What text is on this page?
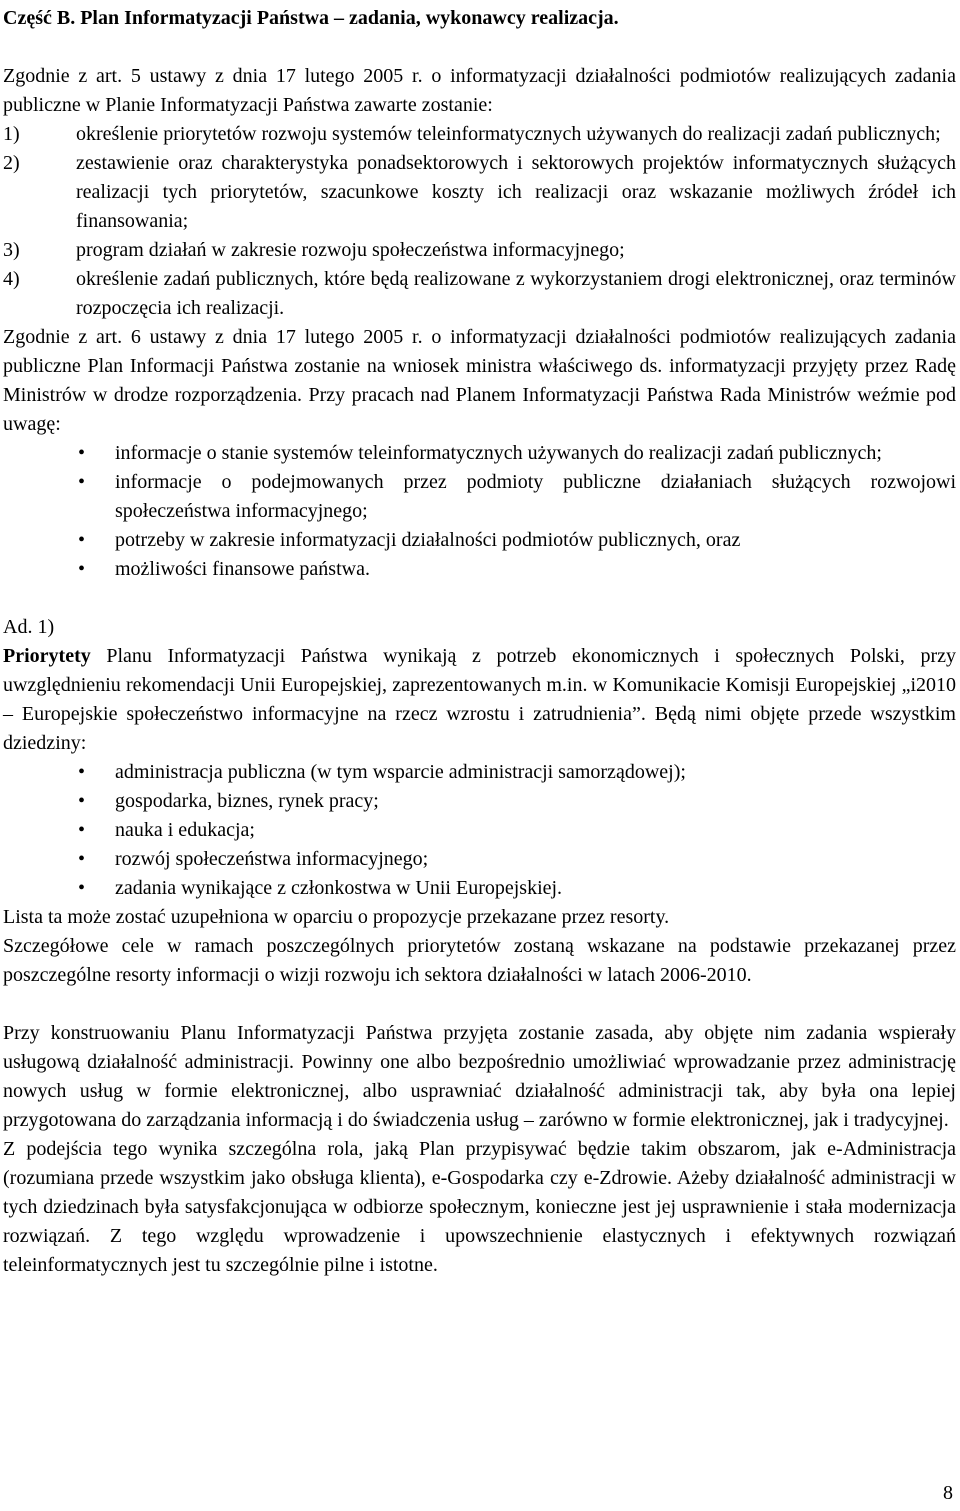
Część B. Plan Informatyzacji Państwa – zadania, wykonawcy realizacja.

Zgodnie z art. 5 ustawy z dnia 17 lutego 2005 r. o informatyzacji działalności podmiotów realizujących zadania publiczne w Planie Informatyzacji Państwa zawarte zostanie:

1)	określenie priorytetów rozwoju systemów teleinformatycznych używanych do realizacji zadań publicznych;
2)	zestawienie oraz charakterystyka ponadsektorowych i sektorowych projektów informatycznych służących realizacji tych priorytetów, szacunkowe koszty ich realizacji oraz wskazanie możliwych źródeł ich finansowania;
3)	program działań w zakresie rozwoju społeczeństwa informacyjnego;
4)	określenie zadań publicznych, które będą realizowane z wykorzystaniem drogi elektronicznej, oraz terminów rozpoczęcia ich realizacji.

Zgodnie z art. 6 ustawy z dnia 17 lutego 2005 r. o informatyzacji działalności podmiotów realizujących zadania publiczne Plan Informacji Państwa zostanie na wniosek ministra właściwego ds. informatyzacji przyjęty przez Radę Ministrów w drodze rozporządzenia. Przy pracach nad Planem Informatyzacji Państwa Rada Ministrów weźmie pod uwagę:

• informacje o stanie systemów teleinformatycznych używanych do realizacji zadań publicznych;
• informacje o podejmowanych przez podmioty publiczne działaniach służących rozwojowi społeczeństwa informacyjnego;
• potrzeby w zakresie informatyzacji działalności podmiotów publicznych, oraz
• możliwości finansowe państwa.

Ad. 1)

Priorytety Planu Informatyzacji Państwa wynikają z potrzeb ekonomicznych i społecznych Polski, przy uwzględnieniu rekomendacji Unii Europejskiej, zaprezentowanych m.in. w Komunikacie Komisji Europejskiej „i2010 – Europejskie społeczeństwo informacyjne na rzecz wzrostu i zatrudnienia”. Będą nimi objęte przede wszystkim dziedziny:

• administracja publiczna (w tym wsparcie administracji samorządowej);
• gospodarka, biznes, rynek pracy;
• nauka i edukacja;
• rozwój społeczeństwa informacyjnego;
• zadania wynikające z członkostwa w Unii Europejskiej.

Lista ta może zostać uzupełniona w oparciu o propozycje przekazane przez resorty.

Szczegółowe cele w ramach poszczególnych priorytetów zostaną wskazane na podstawie przekazanej przez poszczególne resorty informacji o wizji rozwoju ich sektora działalności w latach 2006-2010.

Przy konstruowaniu Planu Informatyzacji Państwa przyjęta zostanie zasada, aby objęte nim zadania wspierały usługową działalność administracji. Powinny one albo bezpośrednio umożliwiać wprowadzanie przez administrację nowych usług w formie elektronicznej, albo usprawniać działalność administracji tak, aby była ona lepiej przygotowana do zarządzania informacją i do świadczenia usług – zarówno w formie elektronicznej, jak i tradycyjnej.

Z podejścia tego wynika szczególna rola, jaką Plan przypisywać będzie takim obszarom, jak e-Administracja (rozumiana przede wszystkim jako obsługa klienta), e-Gospodarka czy e-Zdrowie. Ażeby działalność administracji w tych dziedzinach była satysfakcjonująca w odbiorze społecznym, konieczne jest jej usprawnienie i stała modernizacja rozwiązań. Z tego względu wprowadzenie i upowszechnienie elastycznych i efektywnych rozwiązań teleinformatycznych jest tu szczególnie pilne i istotne.

8
